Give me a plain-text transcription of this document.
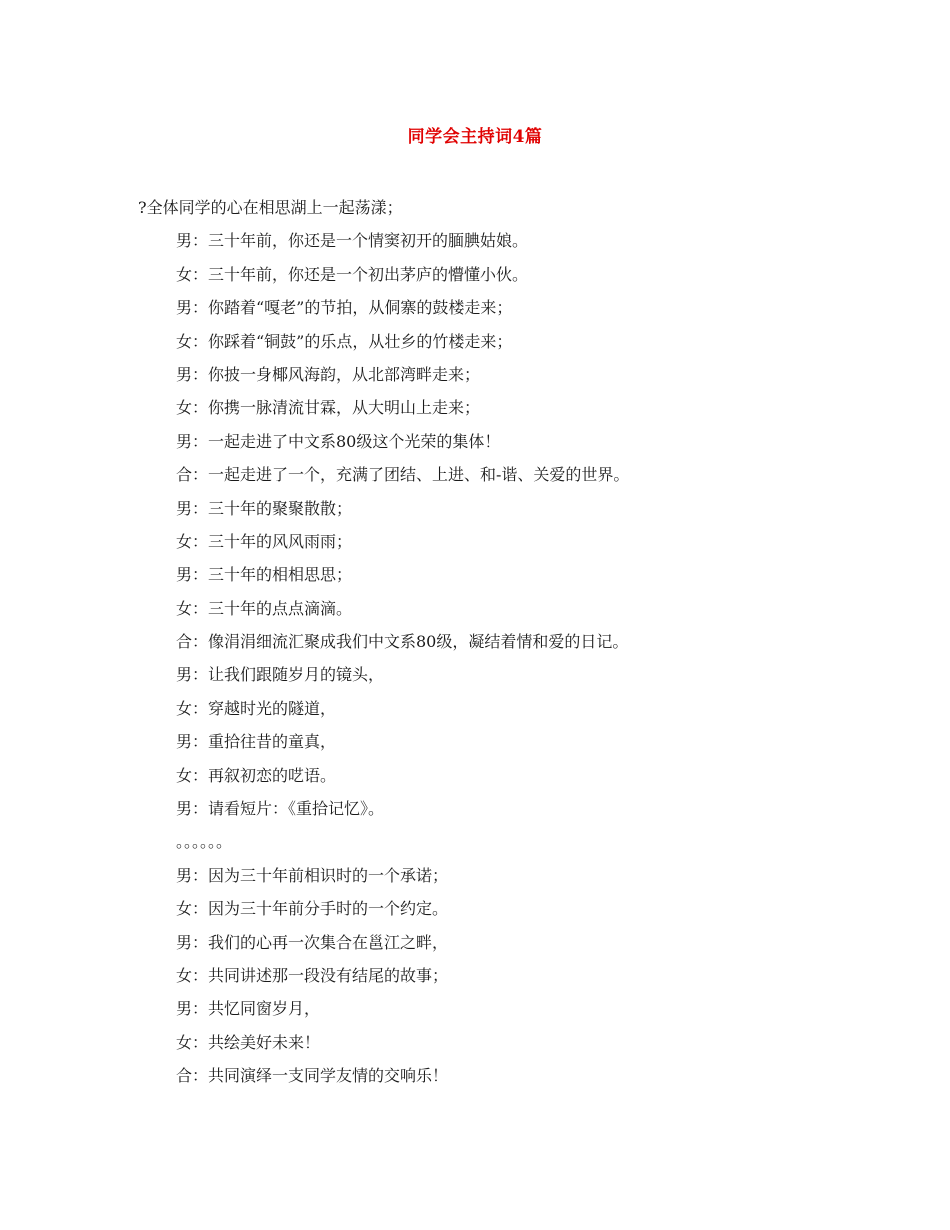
同学会主持词4篇
?全体同学的心在相思湖上一起荡漾；
男：三十年前，你还是一个情窦初开的腼腆姑娘。
女：三十年前，你还是一个初出茅庐的懵懂小伙。
男：你踏着“嘎老”的节拍，从侗寨的鼓楼走来；
女：你踩着“铜鼓”的乐点，从壮乡的竹楼走来；
男：你披一身椰风海韵，从北部湾畔走来；
女：你携一脉清流甘霖，从大明山上走来；
男：一起走进了中文系80级这个光荣的集体！
合：一起走进了一个，充满了团结、上进、和-谐、关爱的世界。
男：三十年的聚聚散散；
女：三十年的风风雨雨；
男：三十年的相相思思；
女：三十年的点点滴滴。
合：像涓涓细流汇聚成我们中文系80级，凝结着情和爱的日记。
男：让我们跟随岁月的镜头，
女：穿越时光的隧道，
男：重拾往昔的童真，
女：再叙初恋的呓语。
男：请看短片：《重拾记忆》。
。。。。。。
男：因为三十年前相识时的一个承诺；
女：因为三十年前分手时的一个约定。
男：我们的心再一次集合在邕江之畔，
女：共同讲述那一段没有结尾的故事；
男：共忆同窗岁月，
女：共绘美好未来！
合：共同演绎一支同学友情的交响乐！
